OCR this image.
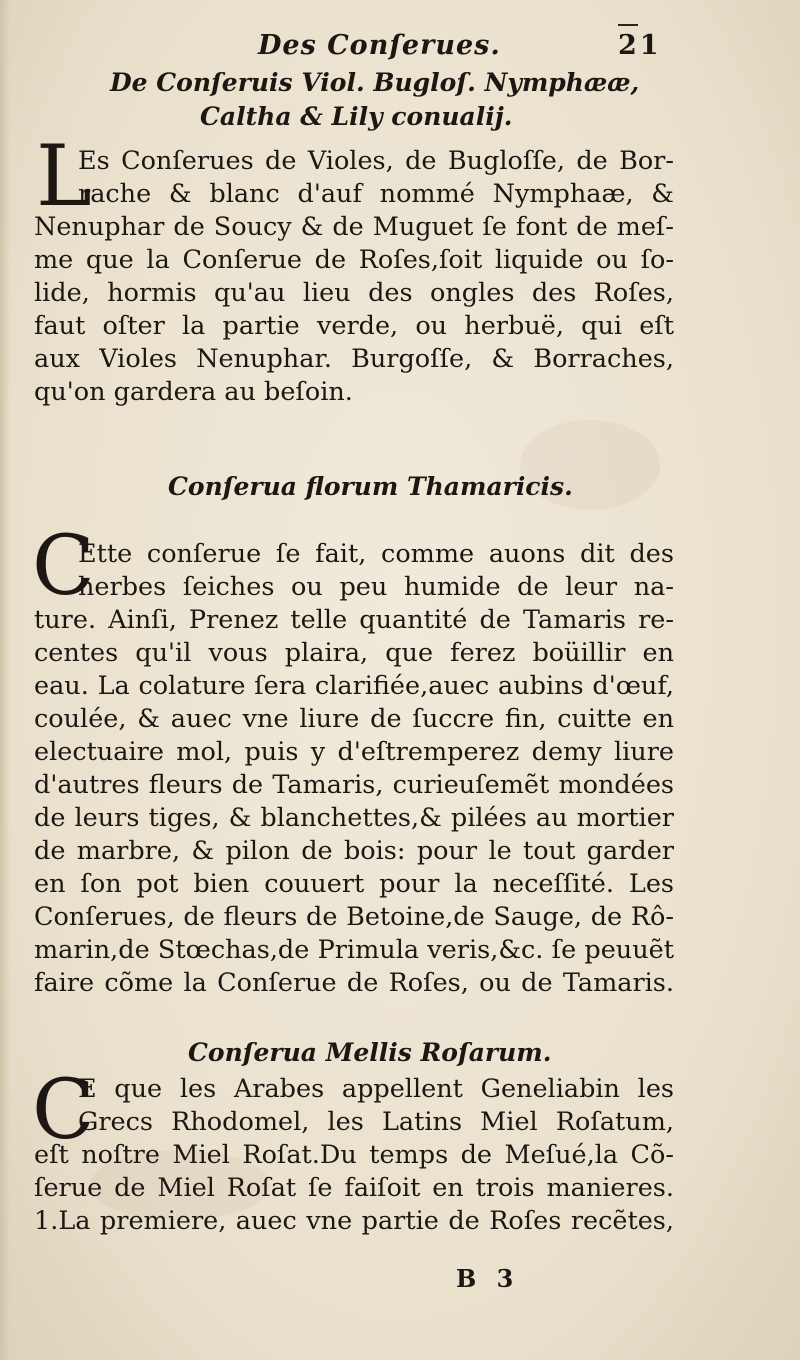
Des Conſerues.	21
De Conſeruis Viol. Bugloſ. Nymphææ,
Caltha & Lily conualij.
L
Es Conſerues de Violes, de Bugloſſe, de Bor-
rache & blanc d'auf nommé Nymphaæ, &
Nenuphar de Soucy & de Muguet ſe font de meſ-
me que la Conſerue de Roſes,ſoit liquide ou ſo-
lide, hormis qu'au lieu des ongles des Roſes,
faut oſter la partie verde, ou herbuë, qui eſt
aux Violes Nenuphar. Burgoſſe, & Borraches,
qu'on gardera au beſoin.
Conſerua florum Thamaricis.
C
Ette conſerue ſe fait, comme auons dit des
herbes ſeiches ou peu humide de leur na-
ture. Ainſi, Prenez telle quantité de Tamaris re-
centes qu'il vous plaira, que ferez boüillir en
eau. La colature ſera clarifiée,auec aubins d'œuf,
coulée, & auec vne liure de ſuccre fin, cuitte en
electuaire mol, puis y d'eſtremperez demy liure
d'autres fleurs de Tamaris, curieuſemẽt mondées
de leurs tiges, & blanchettes,& pilées au mortier
de marbre, & pilon de bois: pour le tout garder
en ſon pot bien couuert pour la neceſſité. Les
Conſerues, de fleurs de Betoine,de Sauge, de Rô-
marin,de Stœchas,de Primula veris,&c. ſe peuuẽt
faire cõme la Conſerue de Roſes, ou de Tamaris.
Conſerua Mellis Roſarum.
C
E que les Arabes appellent Geneliabin les
Grecs Rhodomel, les Latins Miel Roſatum,
eſt noſtre Miel Roſat.Du temps de Meſué,la Cõ-
ſerue de Miel Roſat ſe faiſoit en trois manieres.
1.La premiere, auec vne partie de Roſes recẽtes,
B 3
